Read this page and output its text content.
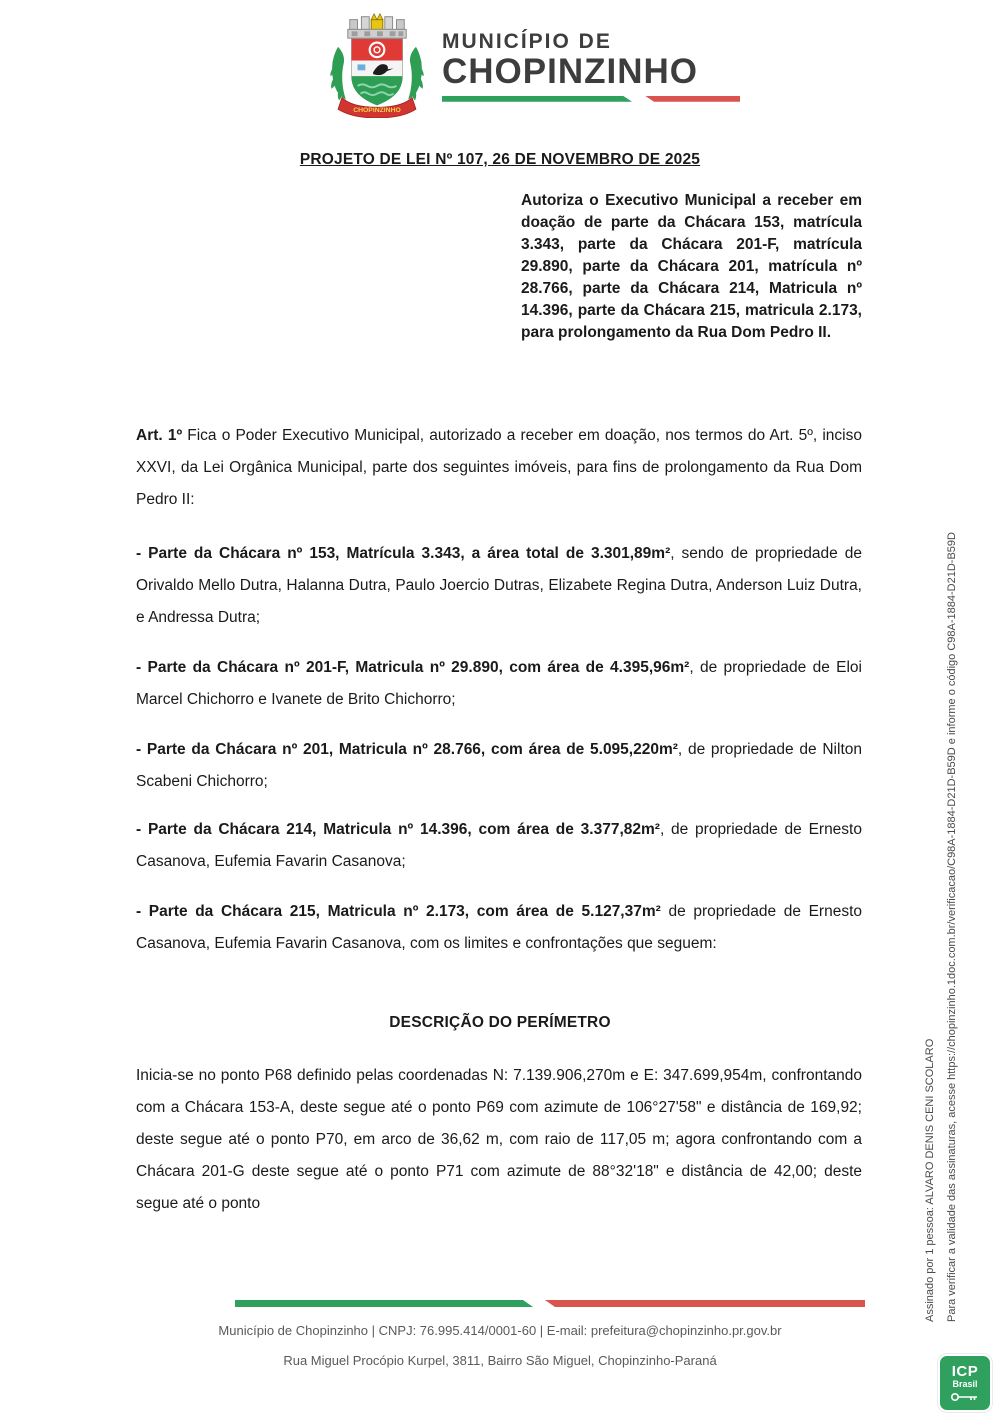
CHOPINZINHO
MUNICÍPIO DE
CHOPINZINHO
PROJETO DE LEI Nº 107, 26 DE NOVEMBRO DE 2025
Autoriza o Executivo Municipal a receber em doação de parte da Chácara 153, matrícula 3.343, parte da Chácara 201-F, matrícula 29.890, parte da Chácara 201, matrícula nº 28.766, parte da Chácara 214, Matricula nº 14.396, parte da Chácara 215, matricula 2.173, para prolongamento da Rua Dom Pedro II.

Art. 1º Fica o Poder Executivo Municipal, autorizado a receber em doação, nos termos do Art. 5º, inciso XXVI, da Lei Orgânica Municipal, parte dos seguintes imóveis, para fins de prolongamento da Rua Dom Pedro II:

- Parte da Chácara nº 153, Matrícula 3.343, a área total de 3.301,89m², sendo de propriedade de Orivaldo Mello Dutra, Halanna Dutra, Paulo Joercio Dutras, Elizabete Regina Dutra, Anderson Luiz Dutra, e Andressa Dutra;

- Parte da Chácara nº 201-F, Matricula nº 29.890, com área de 4.395,96m², de propriedade de Eloi Marcel Chichorro e Ivanete de Brito Chichorro;

- Parte da Chácara nº 201, Matricula nº 28.766, com área de 5.095,220m², de propriedade de Nilton Scabeni Chichorro;

- Parte da Chácara 214, Matricula nº 14.396, com área de 3.377,82m², de propriedade de Ernesto Casanova, Eufemia Favarin Casanova;

- Parte da Chácara 215, Matricula nº 2.173, com área de 5.127,37m² de propriedade de Ernesto Casanova, Eufemia Favarin Casanova, com os limites e confrontações que seguem:

DESCRIÇÃO DO PERÍMETRO

Inicia-se no ponto P68 definido pelas coordenadas N: 7.139.906,270m e E: 347.699,954m, confrontando com a Chácara 153-A, deste segue até o ponto P69 com azimute de 106°27'58" e distância de 169,92; deste segue até o ponto P70, em arco de 36,62 m, com raio de 117,05 m; agora confrontando com a Chácara 201-G deste segue até o ponto P71 com azimute de 88°32'18" e distância de 42,00; deste segue até o ponto

Município de Chopinzinho | CNPJ: 76.995.414/0001-60 | E-mail: prefeitura@chopinzinho.pr.gov.br
Rua Miguel Procópio Kurpel, 3811, Bairro São Miguel, Chopinzinho-Paraná
Assinado por 1 pessoa: ALVARO DENIS CENI SCOLARO Para verificar a validade das assinaturas, acesse https://chopinzinho.1doc.com.br/verificacao/C98A-1884-D21D-B59D e informe o código C98A-1884-D21D-B59D
ICP
Brasil
